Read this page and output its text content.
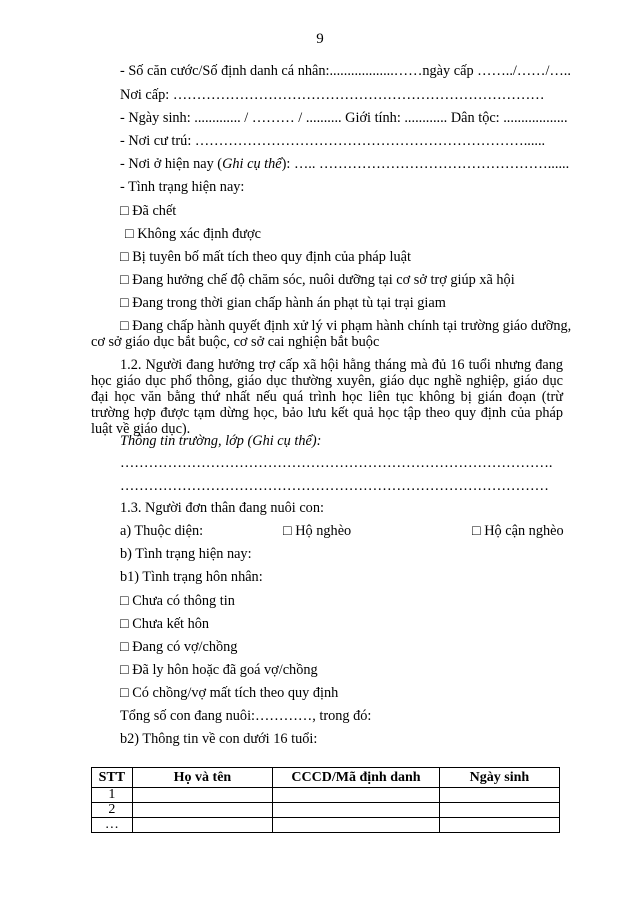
9
- Số căn cước/Số định danh cá nhân:..................……ngày cấp ……../……/…..
Nơi cấp: ……………………………………………………………………
- Ngày sinh: ............. / ……… / .......... Giới tính: ............ Dân tộc: ..................
- Nơi cư trú: ……………………………………………………………......
- Nơi ở hiện nay (Ghi cụ thể): ….. …………………………………………......
- Tình trạng hiện nay:
□ Đã chết
□ Không xác định được
□ Bị tuyên bố mất tích theo quy định của pháp luật
□ Đang hưởng chế độ chăm sóc, nuôi dưỡng tại cơ sở trợ giúp xã hội
□ Đang trong thời gian chấp hành án phạt tù tại trại giam
□ Đang chấp hành quyết định xử lý vi phạm hành chính tại trường giáo dưỡng,
cơ sở giáo dục bắt buộc, cơ sở cai nghiện bắt buộc
1.2. Người đang hưởng trợ cấp xã hội hằng tháng mà đủ 16 tuổi nhưng đang học giáo dục phổ thông, giáo dục thường xuyên, giáo dục nghề nghiệp, giáo dục đại học văn bằng thứ nhất nếu quá trình học liên tục không bị gián đoạn (trừ trường hợp được tạm dừng học, bảo lưu kết quả học tập theo quy định của pháp luật về giáo dục).
Thông tin trường, lớp (Ghi cụ thể):
……………………………………………………………………………….
………………………………………………………………………………
1.3. Người đơn thân đang nuôi con:
a) Thuộc diện:	□ Hộ nghèo	□ Hộ cận nghèo
b) Tình trạng hiện nay:
b1) Tình trạng hôn nhân:
□ Chưa có thông tin
□ Chưa kết hôn
□ Đang có vợ/chồng
□ Đã ly hôn hoặc đã goá vợ/chồng
□ Có chồng/vợ mất tích theo quy định
Tổng số con đang nuôi:…………, trong đó:
b2) Thông tin về con dưới 16 tuổi:
STT	Họ và tên	CCCD/Mã định danh	Ngày sinh
1			
2			
…			
